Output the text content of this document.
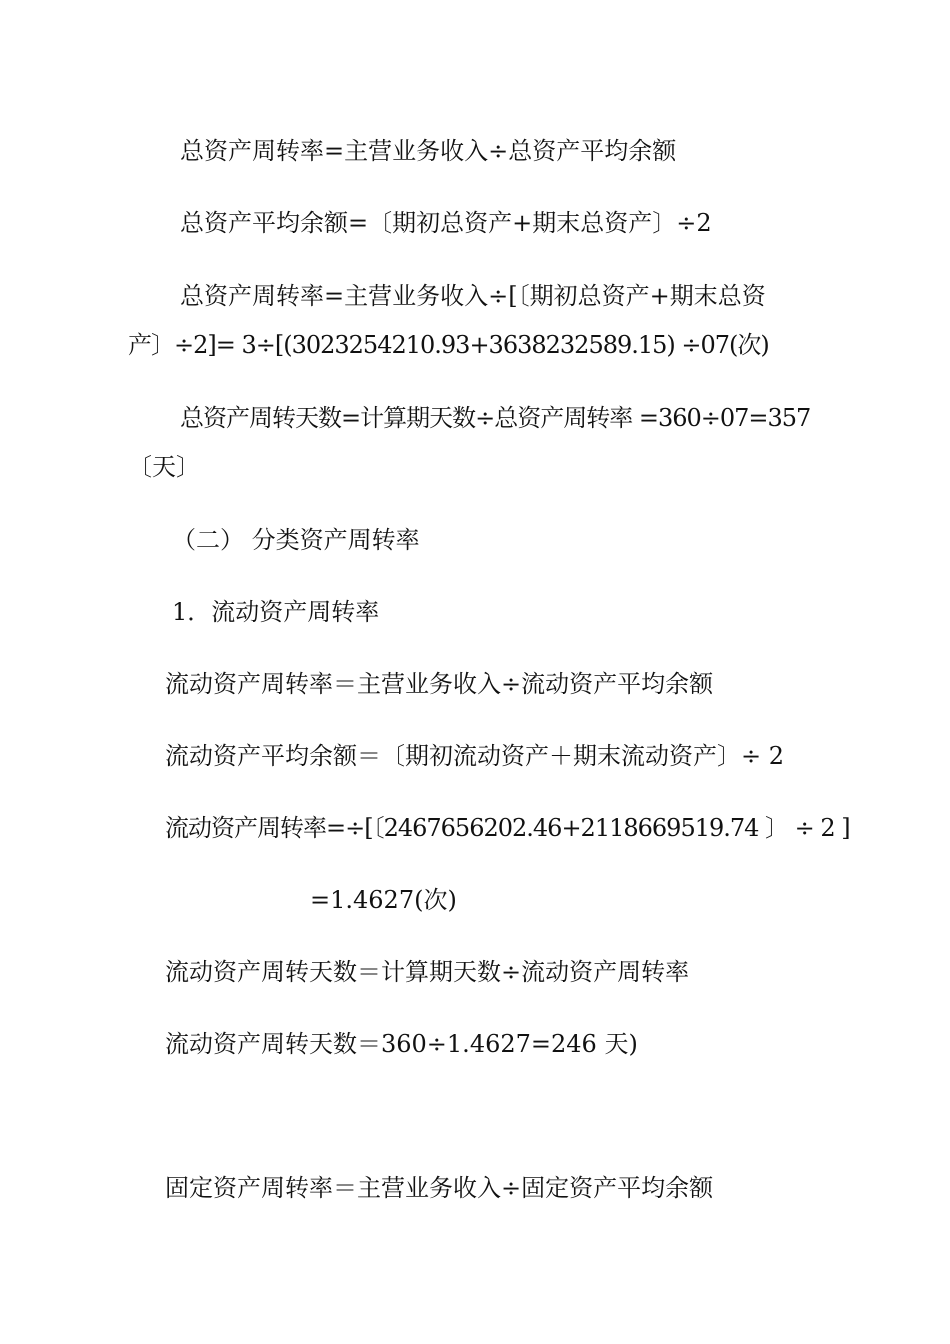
总资产周转率=主营业务收入÷总资产平均余额
总资产平均余额=〔期初总资产+期末总资产〕÷2
总资产周转率=主营业务收入÷[〔期初总资产+期末总资
产〕÷2]= 3÷[(3023254210.93+3638232589.15) ÷07(次)
总资产周转天数=计算期天数÷总资产周转率 =360÷07=357
〔天〕
（二） 分类资产周转率
1．流动资产周转率
流动资产周转率＝主营业务收入÷流动资产平均余额
流动资产平均余额＝〔期初流动资产＋期末流动资产〕÷ 2
流动资产周转率=÷[〔2467656202.46+2118669519.74 〕 ÷ 2 ]
=1.4627(次)
流动资产周转天数＝计算期天数÷流动资产周转率
流动资产周转天数＝360÷1.4627=246 天)
固定资产周转率＝主营业务收入÷固定资产平均余额
